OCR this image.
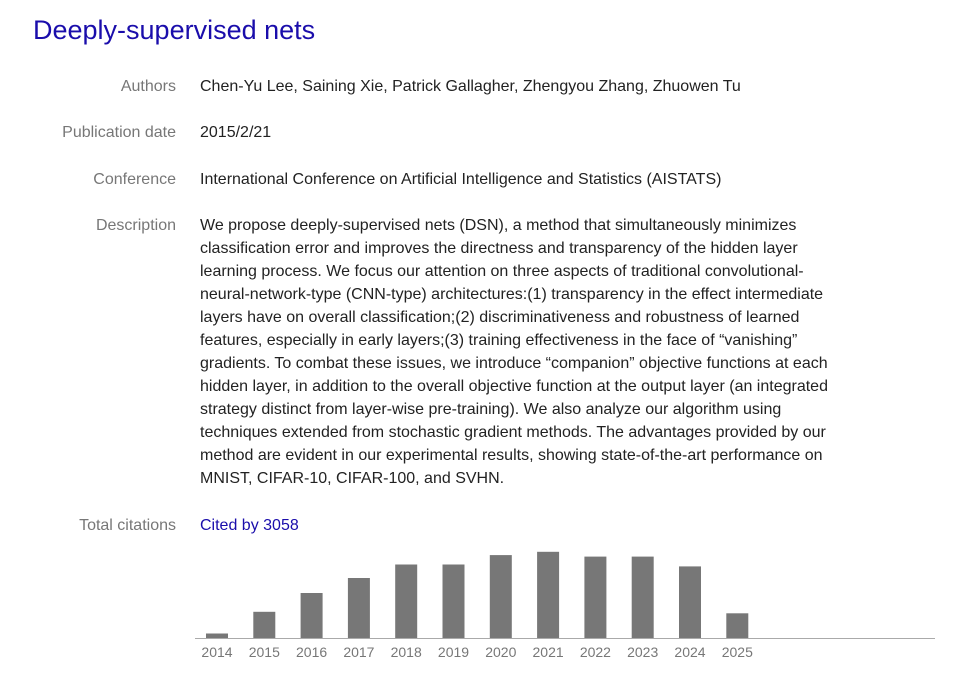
Deeply-supervised nets
Authors Chen-Yu Lee, Saining Xie, Patrick Gallagher, Zhengyou Zhang, Zhuowen Tu
Publication date 2015/2/21
Conference International Conference on Artificial Intelligence and Statistics (AISTATS)
Description We propose deeply-supervised nets (DSN), a method that simultaneously minimizes
classification error and improves the directness and transparency of the hidden layer
learning process. We focus our attention on three aspects of traditional convolutional-
neural-network-type (CNN-type) architectures:(1) transparency in the effect intermediate
layers have on overall classification;(2) discriminativeness and robustness of learned
features, especially in early layers;(3) training effectiveness in the face of “vanishing”
gradients. To combat these issues, we introduce “companion” objective functions at each
hidden layer, in addition to the overall objective function at the output layer (an integrated
strategy distinct from layer-wise pre-training). We also analyze our algorithm using
techniques extended from stochastic gradient methods. The advantages provided by our
method are evident in our experimental results, showing state-of-the-art performance on
MNIST, CIFAR-10, CIFAR-100, and SVHN.
Total citations Cited by 3058
2014 2015 2016 2017 2018 2019 2020 2021 2022 2023 2024 2025
